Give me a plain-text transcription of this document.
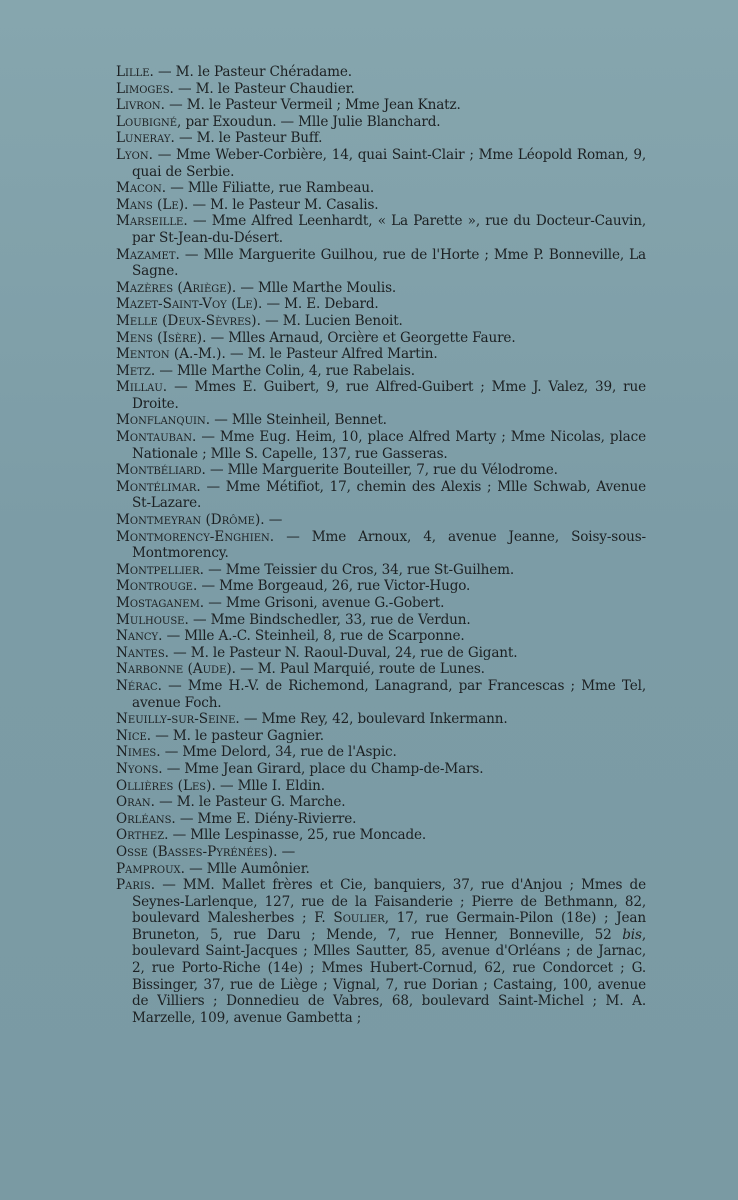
Lille. — M. le Pasteur Chéradame.

Limoges. — M. le Pasteur Chaudier.

Livron. — M. le Pasteur Vermeil ; Mme Jean Knatz.

Loubigné, par Exoudun. — Mlle Julie Blanchard.

Luneray. — M. le Pasteur Buff.

Lyon. — Mme Weber-Corbière, 14, quai Saint-Clair ; Mme Léopold Roman, 9, quai de Serbie.

Macon. — Mlle Filiatte, rue Rambeau.

Mans (Le). — M. le Pasteur M. Casalis.

Marseille. — Mme Alfred Leenhardt, « La Parette », rue du Docteur-Cauvin, par St-Jean-du-Désert.

Mazamet. — Mlle Marguerite Guilhou, rue de l'Horte ; Mme P. Bonneville, La Sagne.

Mazères (Ariège). — Mlle Marthe Moulis.

Mazet-Saint-Voy (Le). — M. E. Debard.

Melle (Deux-Sèvres). — M. Lucien Benoit.

Mens (Isère). — Mlles Arnaud, Orcière et Georgette Faure.

Menton (A.-M.). — M. le Pasteur Alfred Martin.

Metz. — Mlle Marthe Colin, 4, rue Rabelais.

Millau. — Mmes E. Guibert, 9, rue Alfred-Guibert ; Mme J. Valez, 39, rue Droite.

Monflanquin. — Mlle Steinheil, Bennet.

Montauban. — Mme Eug. Heim, 10, place Alfred Marty ; Mme Nicolas, place Nationale ; Mlle S. Capelle, 137, rue Gasseras.

Montbéliard. — Mlle Marguerite Bouteiller, 7, rue du Vélodrome.

Montélimar. — Mme Métifiot, 17, chemin des Alexis ; Mlle Schwab, Avenue St-Lazare.

Montmeyran (Drôme). —

Montmorency-Enghien. — Mme Arnoux, 4, avenue Jeanne, Soisy-sous-Montmorency.

Montpellier. — Mme Teissier du Cros, 34, rue St-Guilhem.

Montrouge. — Mme Borgeaud, 26, rue Victor-Hugo.

Mostaganem. — Mme Grisoni, avenue G.-Gobert.

Mulhouse. — Mme Bindschedler, 33, rue de Verdun.

Nancy. — Mlle A.-C. Steinheil, 8, rue de Scarponne.

Nantes. — M. le Pasteur N. Raoul-Duval, 24, rue de Gigant.

Narbonne (Aude). — M. Paul Marquié, route de Lunes.

Nérac. — Mme H.-V. de Richemond, Lanagrand, par Francescas ; Mme Tel, avenue Foch.

Neuilly-sur-Seine. — Mme Rey, 42, boulevard Inkermann.

Nice. — M. le pasteur Gagnier.

Nimes. — Mme Delord, 34, rue de l'Aspic.

Nyons. — Mme Jean Girard, place du Champ-de-Mars.

Ollières (Les). — Mlle I. Eldin.

Oran. — M. le Pasteur G. Marche.

Orléans. — Mme E. Diény-Rivierre.

Orthez. — Mlle Lespinasse, 25, rue Moncade.

Osse (Basses-Pyrénées). —

Pamproux. — Mlle Aumônier.

Paris. — MM. Mallet frères et Cie, banquiers, 37, rue d'Anjou ; Mmes de Seynes-Larlenque, 127, rue de la Faisanderie ; Pierre de Bethmann, 82, boulevard Malesherbes ; F. Soulier, 17, rue Germain-Pilon (18e) ; Jean Bruneton, 5, rue Daru ; Mende, 7, rue Henner, Bonneville, 52 bis, boulevard Saint-Jacques ; Mlles Sautter, 85, avenue d'Orléans ; de Jarnac, 2, rue Porto-Riche (14e) ; Mmes Hubert-Cornud, 62, rue Condorcet ; G. Bissinger, 37, rue de Liège ; Vignal, 7, rue Dorian ; Castaing, 100, avenue de Villiers ; Donnedieu de Vabres, 68, boulevard Saint-Michel ; M. A. Marzelle, 109, avenue Gambetta ;
